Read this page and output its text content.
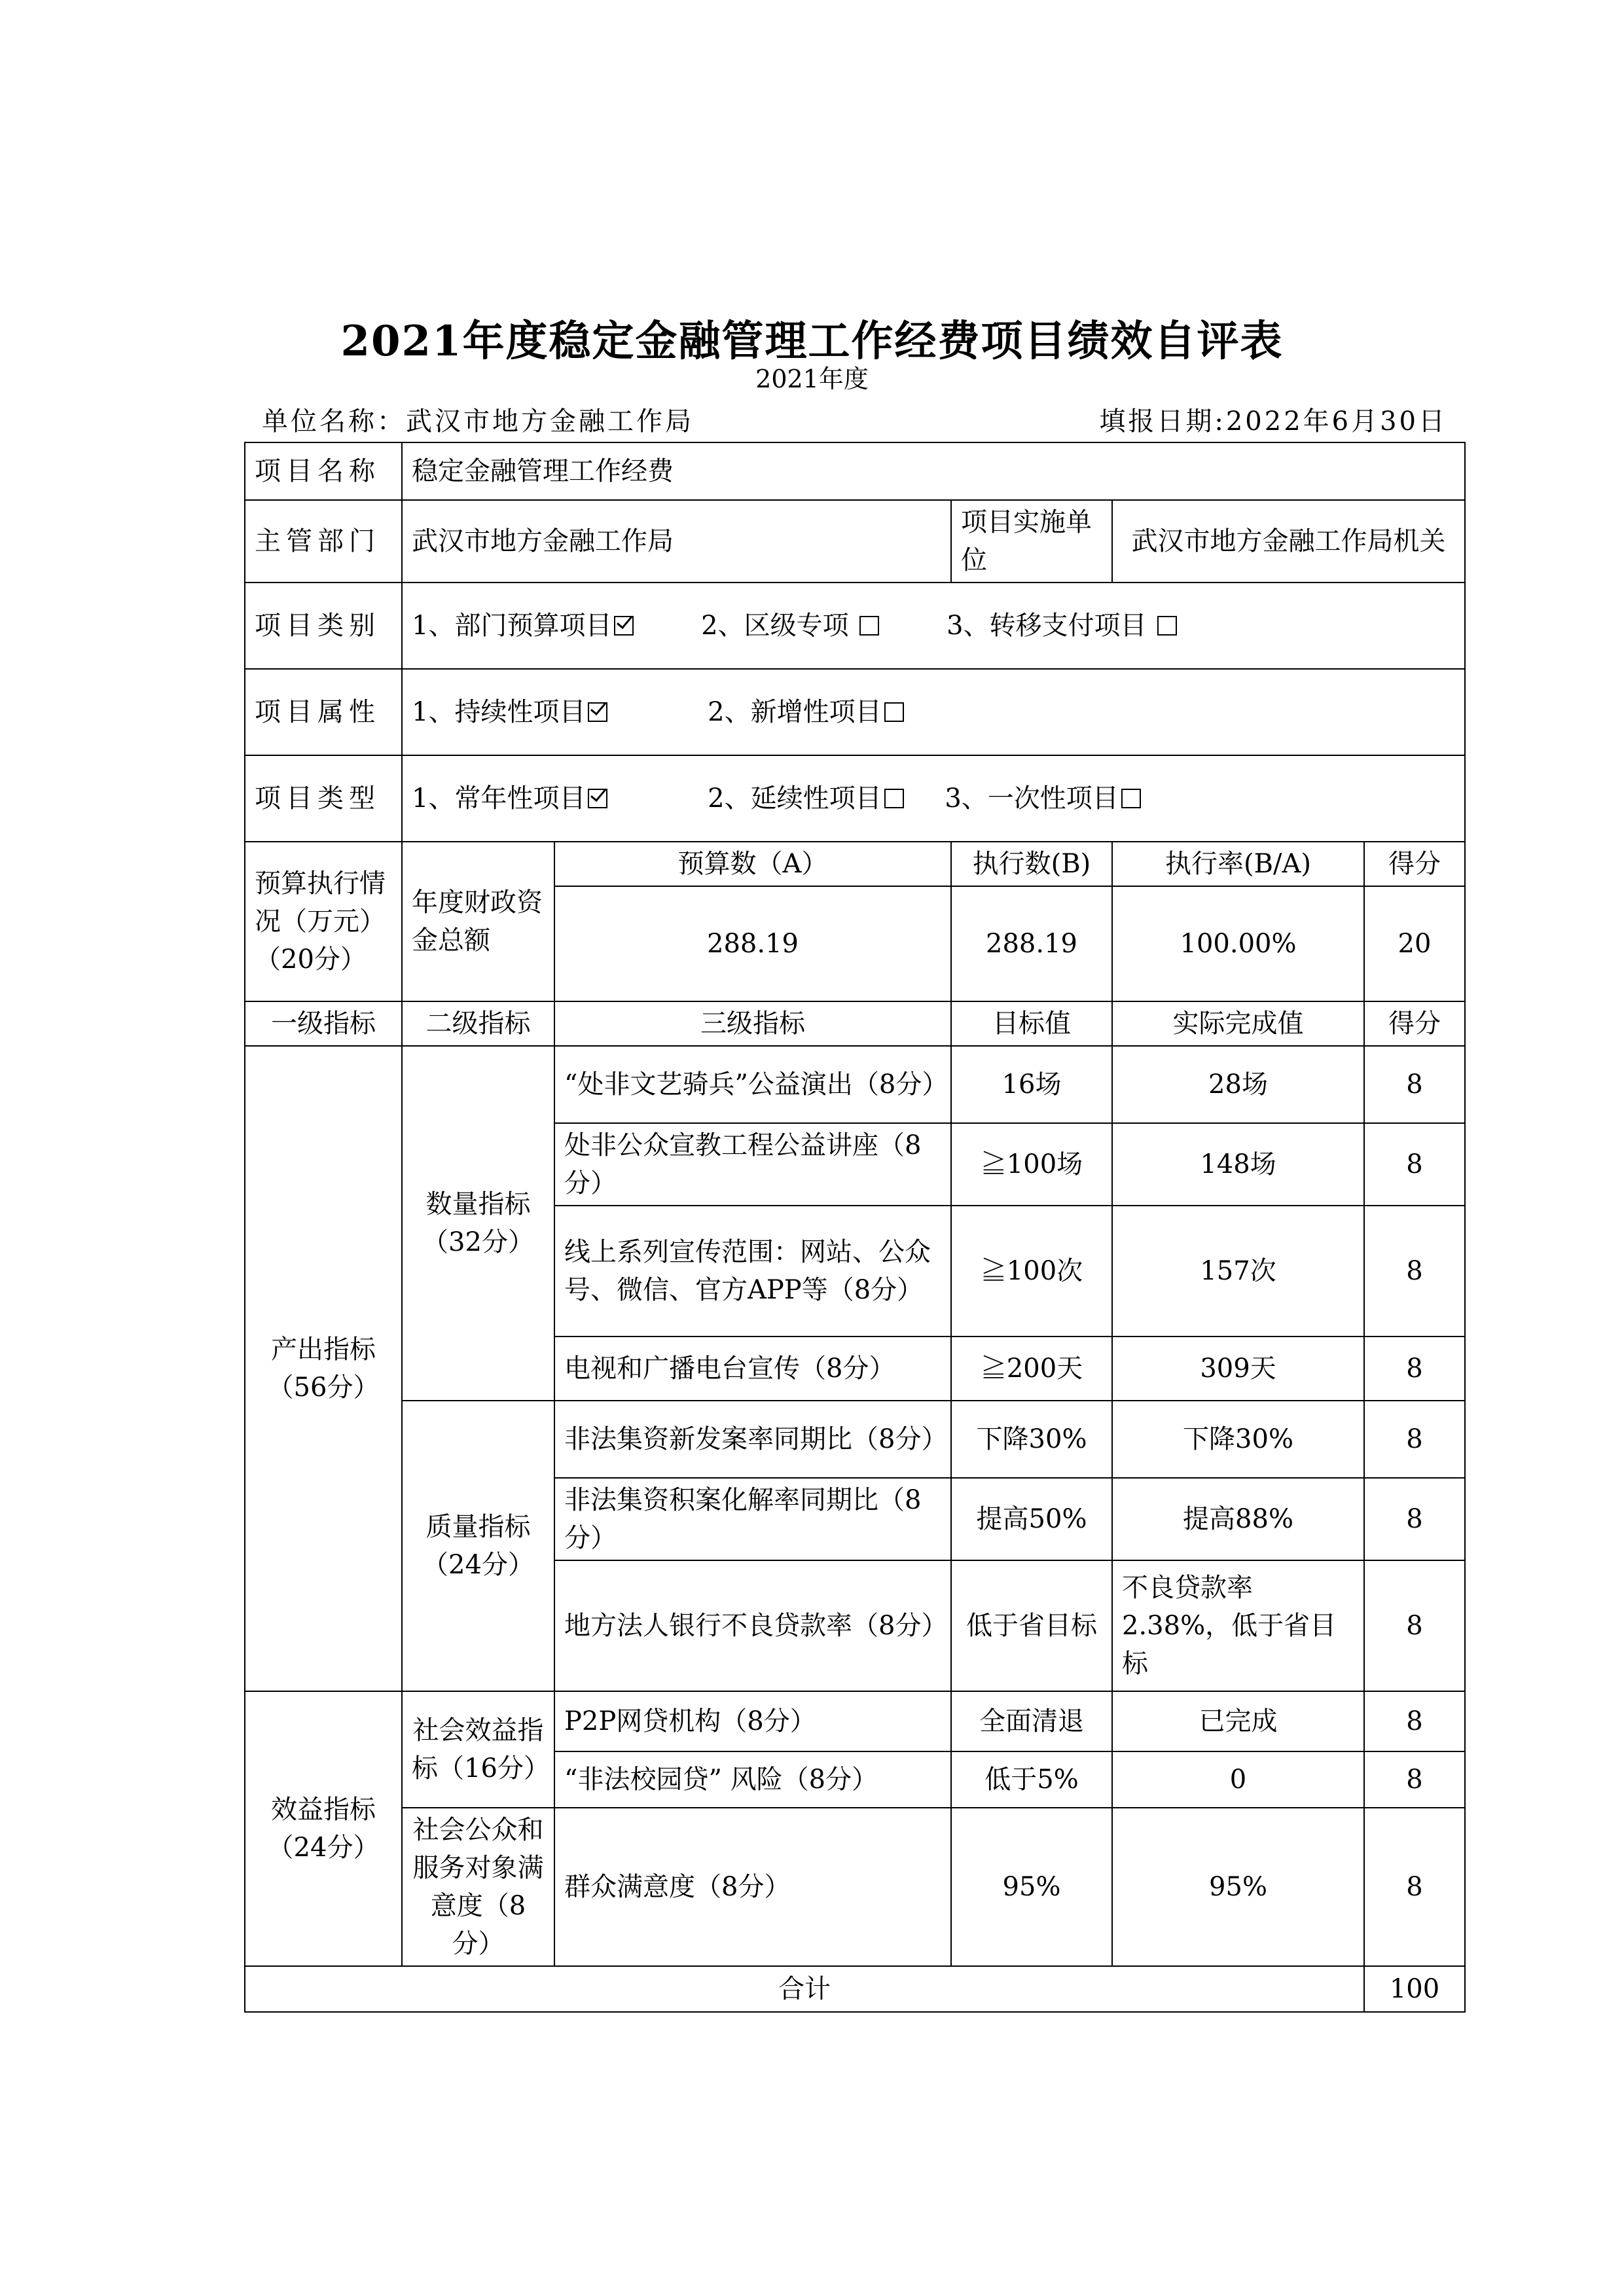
2021年度稳定金融管理工作经费项目绩效自评表
2021年度
单位名称：武汉市地方金融工作局	填报日期:2022年6月30日
项目名称	稳定金融管理工作经费				
主管部门	武汉市地方金融工作局		项目实施单位	武汉市地方金融工作局机关	
项目类别	1、部门预算项目 2、区级专项 3、转移支付项目				
项目属性	1、持续性项目 2、新增性项目				
项目类型	1、常年性项目 2、延续性项目 3、一次性项目				
预算执行情况（万元）（20分）	年度财政资金总额	预算数（A）	执行数(B)	执行率(B/A)	得分
		288.19	288.19	100.00%	20
一级指标	二级指标	三级指标	目标值	实际完成值	得分
产出指标（56分）	数量指标（32分）	“处非文艺骑兵”公益演出（8分）	16场	28场	8
		处非公众宣教工程公益讲座（8分）	≧100场	148场	8
		线上系列宣传范围：网站、公众号、微信、官方APP等（8分）	≧100次	157次	8
		电视和广播电台宣传（8分）	≧200天	309天	8
	质量指标（24分）	非法集资新发案率同期比（8分）	下降30%	下降30%	8
		非法集资积案化解率同期比（8分）	提高50%	提高88%	8
		地方法人银行不良贷款率（8分）	低于省目标	不良贷款率2.38%，低于省目标	8
效益指标（24分）	社会效益指标（16分）	P2P网贷机构（8分）	全面清退	已完成	8
		“非法校园贷” 风险（8分）	低于5%	0	8
	社会公众和服务对象满意度（8分）	群众满意度（8分）	95%	95%	8
合计					100
